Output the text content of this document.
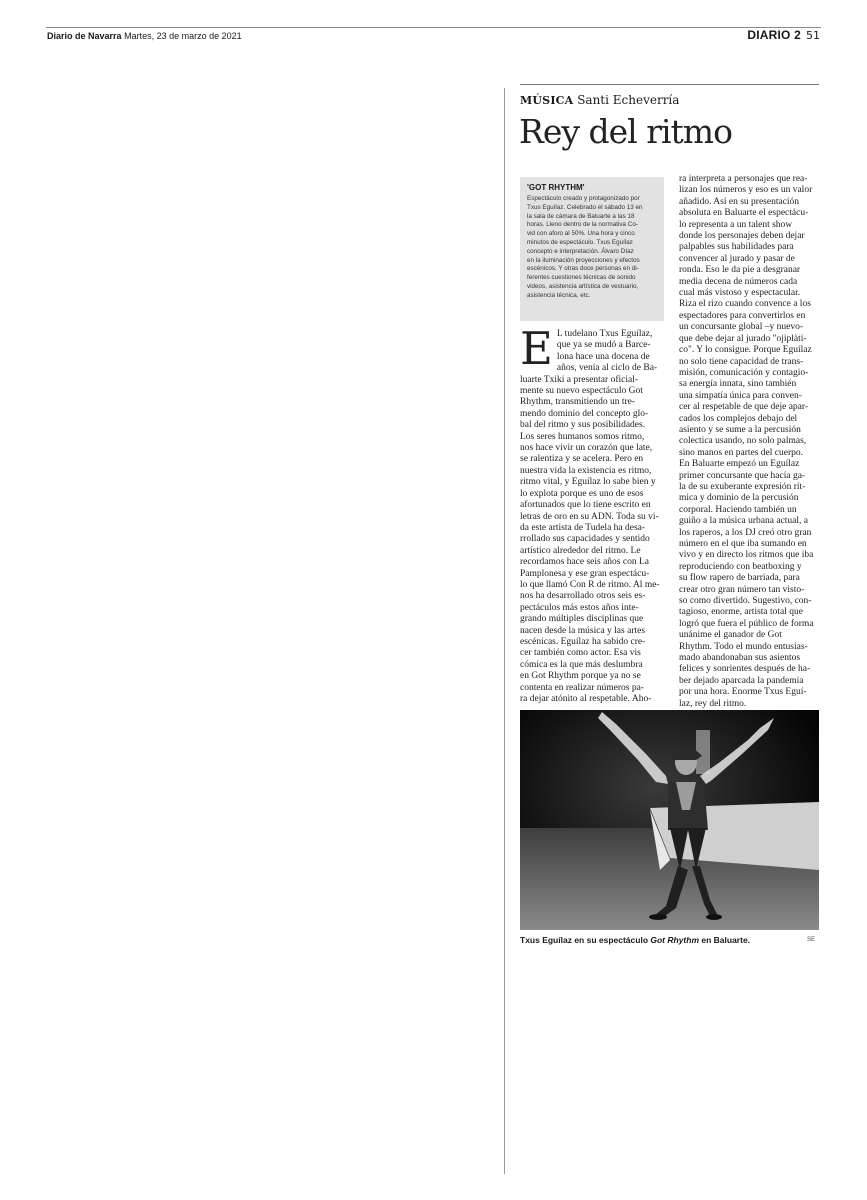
Diario de Navarra Martes, 23 de marzo de 2021	DIARIO 2 51
MÚSICA Santi Echeverría
Rey del ritmo
'GOT RHYTHM'
Espectáculo creado y protagonizado por
Txus Eguílaz. Celebrado el sábado 13 en
la sala de cámara de Baluarte a las 18
horas. Lleno dentro de la normativa Co-
vid con aforo al 50%. Una hora y cinco
minutos de espectáculo. Txus Eguílaz
concepto e interpretación. Álvaro Díaz
en la iluminación proyecciones y efectos
escénicos. Y otras doce personas en di-
ferentes cuestiones técnicas de sonido
videos, asistencia artística de vestuario,
asistencia técnica, etc.
E L tudelano Txus Eguílaz,
que ya se mudó a Barce-
lona hace una docena de
años, venía al ciclo de Ba-
luarte Txiki a presentar oficial-
mente su nuevo espectáculo Got
Rhythm, transmitiendo un tre-
mendo dominio del concepto glo-
bal del ritmo y sus posibilidades.
Los seres humanos somos ritmo,
nos hace vivir un corazón que late,
se ralentiza y se acelera. Pero en
nuestra vida la existencia es ritmo,
ritmo vital, y Eguílaz lo sabe bien y
lo explota porque es uno de esos
afortunados que lo tiene escrito en
letras de oro en su ADN. Toda su vi-
da este artista de Tudela ha desa-
rrollado sus capacidades y sentido
artístico alrededor del ritmo. Le
recordamos hace seis años con La
Pamplonesa y ese gran espectácu-
lo que llamó Con R de ritmo. Al me-
nos ha desarrollado otros seis es-
pectáculos más estos años inte-
grando múltiples disciplinas que
nacen desde la música y las artes
escénicas. Eguílaz ha sabido cre-
cer también como actor. Esa vis
cómica es la que más deslumbra
en Got Rhythm porque ya no se
contenta en realizar números pa-
ra dejar atónito al respetable. Aho-
ra interpreta a personajes que rea-
lizan los números y eso es un valor
añadido. Así en su presentación
absoluta en Baluarte el espectácu-
lo representa a un talent show
donde los personajes deben dejar
palpables sus habilidades para
convencer al jurado y pasar de
ronda. Eso le da pie a desgranar
media decena de números cada
cual más vistoso y espectacular.
Riza el rizo cuando convence a los
espectadores para convertirlos en
un concursante global –y nuevo-
que debe dejar al jurado "ojiplàti-
co". Y lo consigue. Porque Eguílaz
no solo tiene capacidad de trans-
misión, comunicación y contagio-
sa energía innata, sino también
una simpatía única para conven-
cer al respetable de que deje apar-
cados los complejos debajo del
asiento y se sume a la percusión
colectica usando, no solo palmas,
sino manos en partes del cuerpo.
En Baluarte empezó un Eguílaz
primer concursante que hacía ga-
la de su exuberante expresión rít-
mica y dominio de la percusión
corporal. Haciendo también un
guiño a la música urbana actual, a
los raperos, a los DJ creó otro gran
número en el que iba sumando en
vivo y en directo los ritmos que iba
reproduciendo con beatboxing y
su flow rapero de barriada, para
crear otro gran número tan visto-
so como divertido. Sugestivo, con-
tagioso, enorme, artista total que
logró que fuera el público de forma
unánime el ganador de Got
Rhythm. Todo el mundo entusias-
mado abandonaban sus asientos
felices y sonrientes después de ha-
ber dejado aparcada la pandemia
por una hora. Enorme Txus Eguí-
laz, rey del ritmo.
Txus Eguílaz en su espectáculo Got Rhythm en Baluarte.	SE
